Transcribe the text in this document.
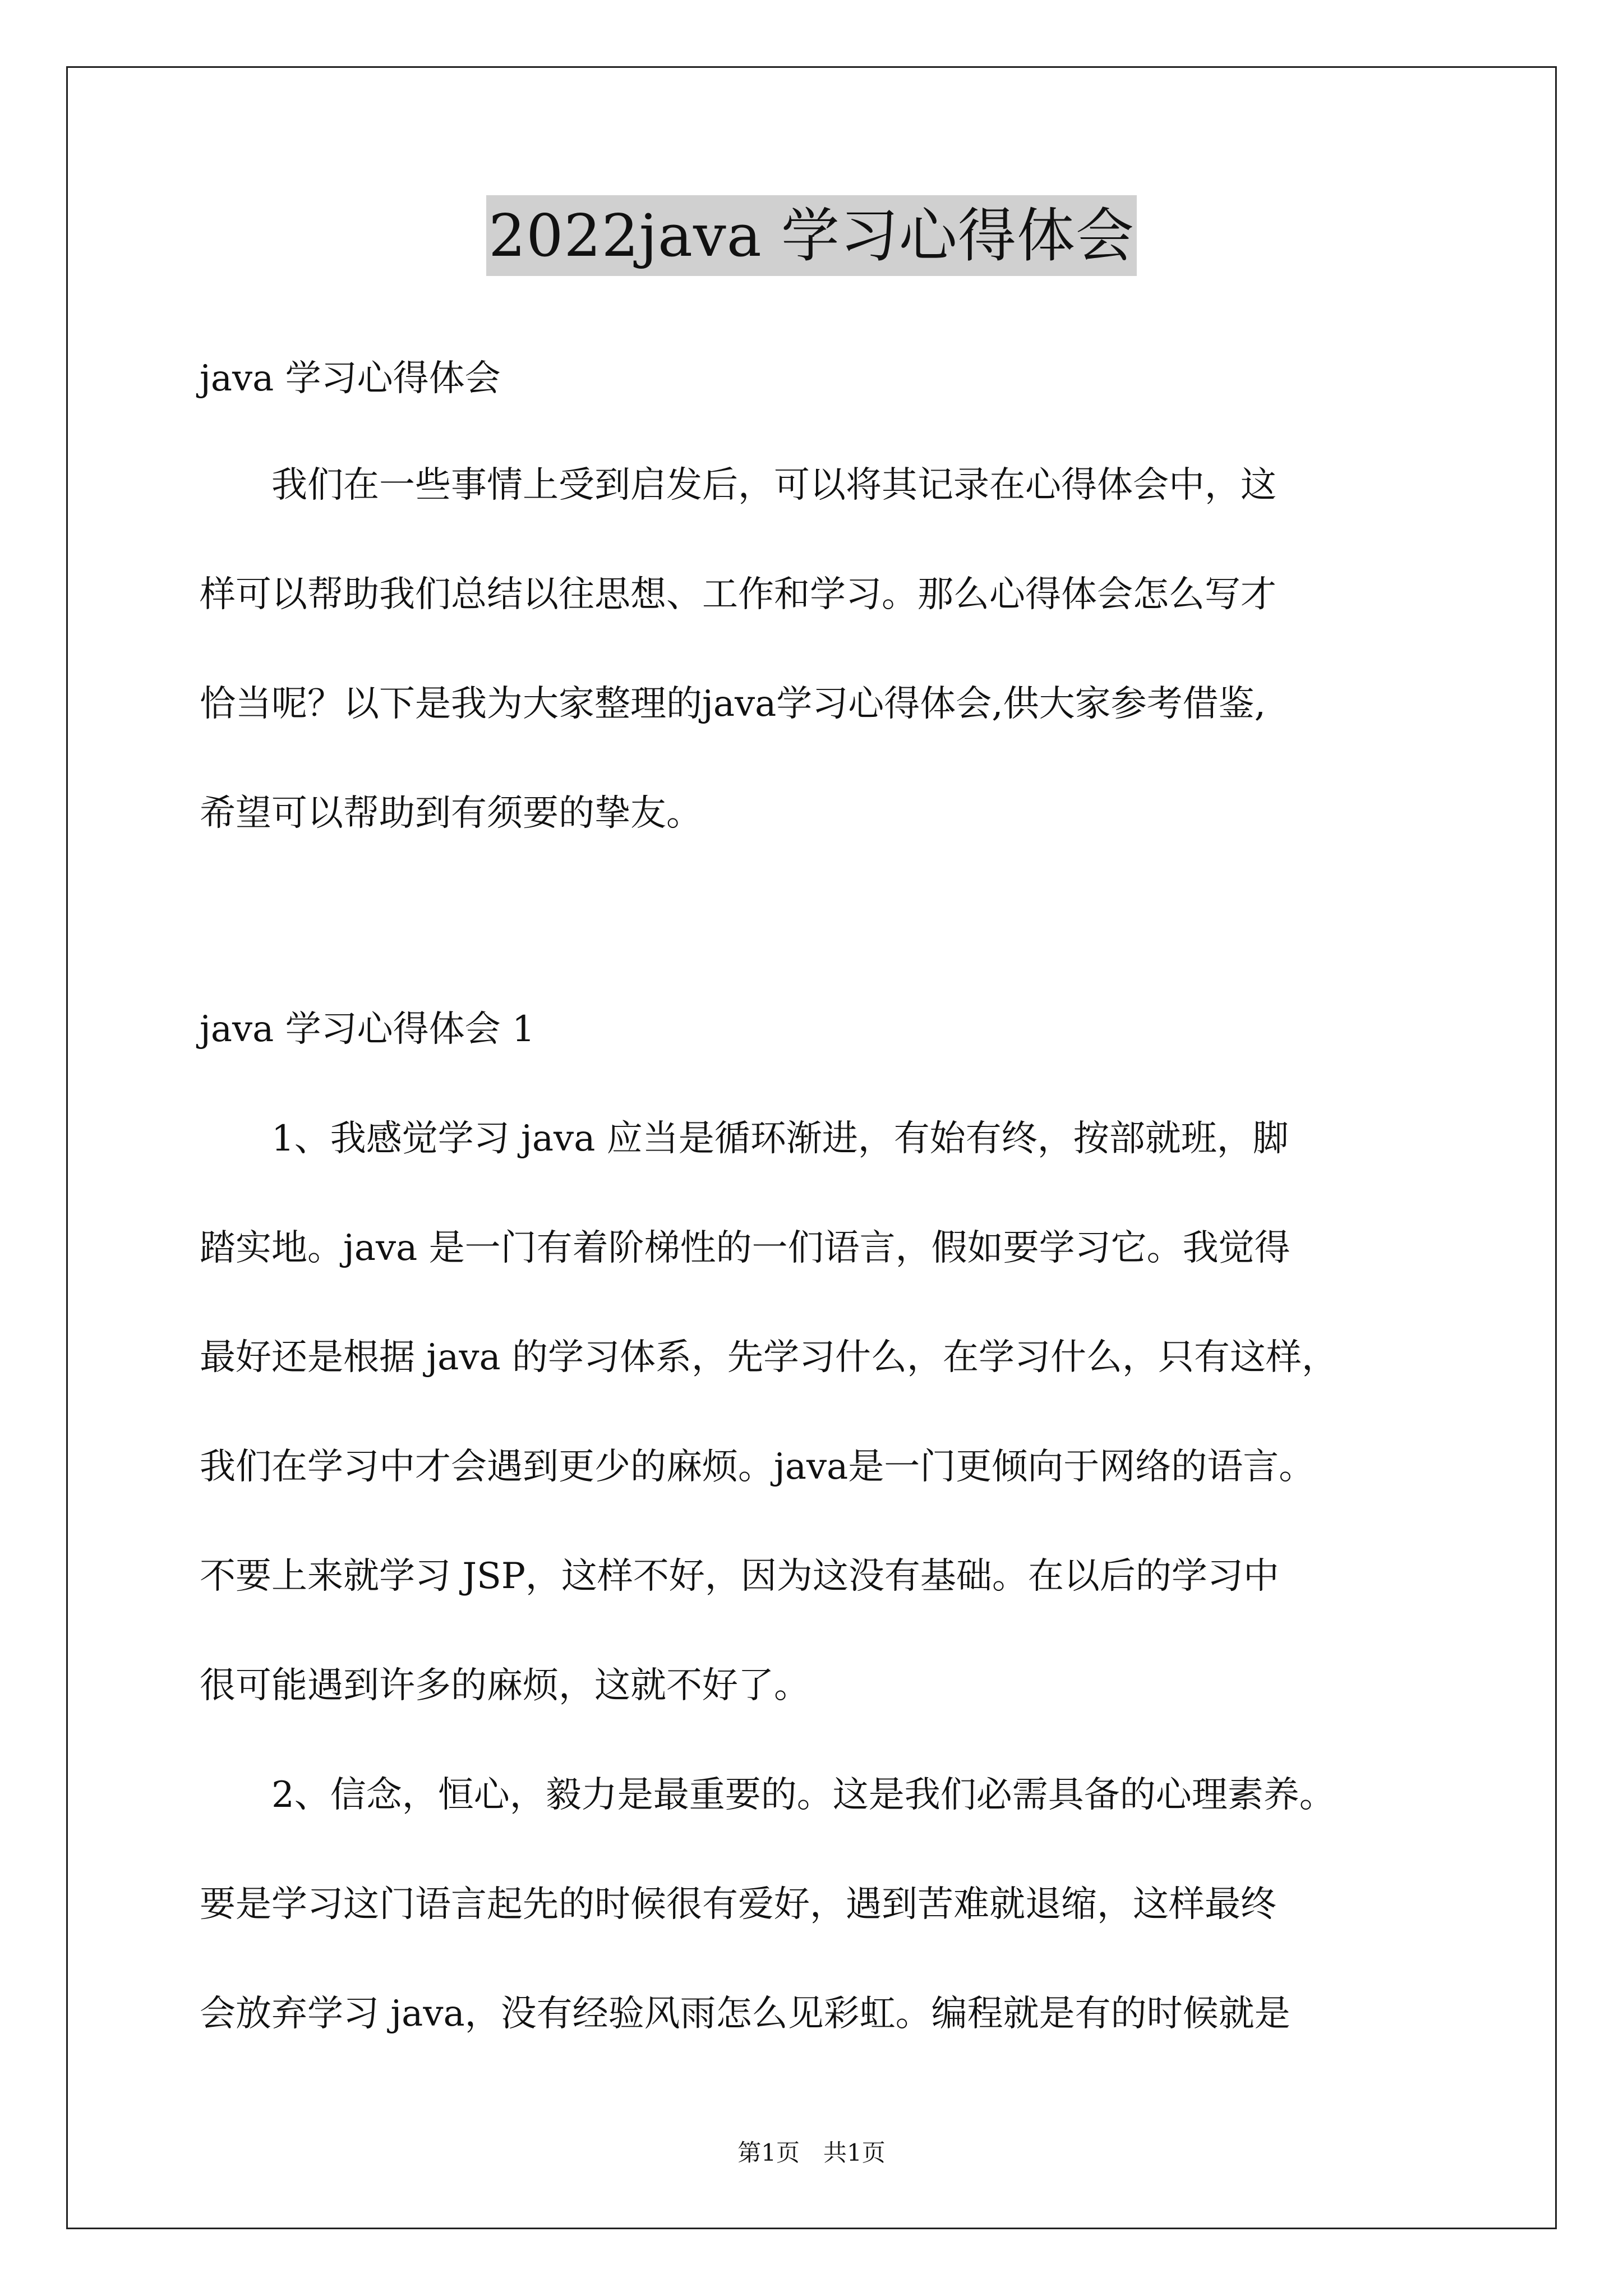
2022java 学习心得体会

java 学习心得体会

　　我们在一些事情上受到启发后，可以将其记录在心得体会中，这

样可以帮助我们总结以往思想、工作和学习。那么心得体会怎么写才

恰当呢？以下是我为大家整理的java学习心得体会,供大家参考借鉴,

希望可以帮助到有须要的挚友。

java 学习心得体会 1

　　1、我感觉学习 java 应当是循环渐进，有始有终，按部就班，脚

踏实地。java 是一门有着阶梯性的一们语言，假如要学习它。我觉得

最好还是根据 java 的学习体系，先学习什么，在学习什么，只有这样，

我们在学习中才会遇到更少的麻烦。java是一门更倾向于网络的语言。

不要上来就学习 JSP，这样不好，因为这没有基础。在以后的学习中

很可能遇到许多的麻烦，这就不好了。

　　2、信念，恒心，毅力是最重要的。这是我们必需具备的心理素养。

要是学习这门语言起先的时候很有爱好，遇到苦难就退缩，这样最终

会放弃学习 java，没有经验风雨怎么见彩虹。编程就是有的时候就是

第1页　共1页
